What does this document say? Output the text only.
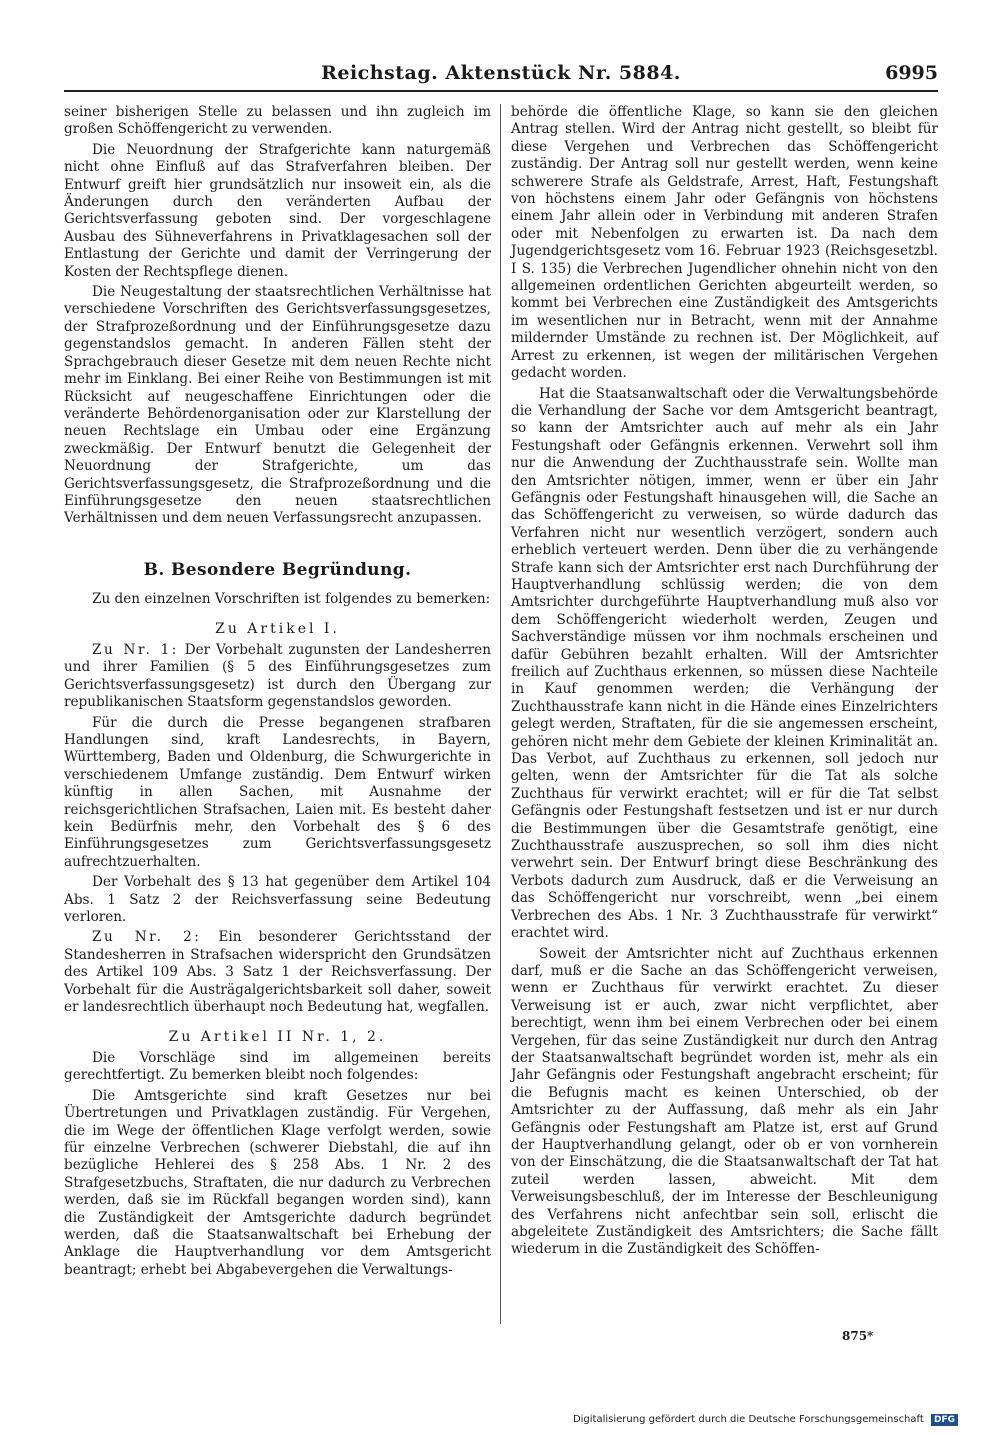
Reichstag. Aktenstück Nr. 5884.	6995

seiner bisherigen Stelle zu belassen und ihn zugleich im großen Schöffengericht zu verwenden.

Die Neuordnung der Strafgerichte kann naturgemäß nicht ohne Einfluß auf das Strafverfahren bleiben. Der Entwurf greift hier grundsätzlich nur insoweit ein, als die Änderungen durch den veränderten Aufbau der Gerichtsverfassung geboten sind. Der vorgeschlagene Ausbau des Sühneverfahrens in Privatklagesachen soll der Entlastung der Gerichte und damit der Verringerung der Kosten der Rechtspflege dienen.

Die Neugestaltung der staatsrechtlichen Verhältnisse hat verschiedene Vorschriften des Gerichtsverfassungsgesetzes, der Strafprozeßordnung und der Einführungsgesetze dazu gegenstandslos gemacht. In anderen Fällen steht der Sprachgebrauch dieser Gesetze mit dem neuen Rechte nicht mehr im Einklang. Bei einer Reihe von Bestimmungen ist mit Rücksicht auf neugeschaffene Einrichtungen oder die veränderte Behördenorganisation oder zur Klarstellung der neuen Rechtslage ein Umbau oder eine Ergänzung zweckmäßig. Der Entwurf benutzt die Gelegenheit der Neuordnung der Strafgerichte, um das Gerichtsverfassungsgesetz, die Strafprozeßordnung und die Einführungsgesetze den neuen staatsrechtlichen Verhältnissen und dem neuen Verfassungsrecht anzupassen.

B. Besondere Begründung.

Zu den einzelnen Vorschriften ist folgendes zu bemerken:

Zu Artikel I.

Zu Nr. 1: Der Vorbehalt zugunsten der Landesherren und ihrer Familien (§ 5 des Einführungsgesetzes zum Gerichtsverfassungsgesetz) ist durch den Übergang zur republikanischen Staatsform gegenstandslos geworden.

Für die durch die Presse begangenen strafbaren Handlungen sind, kraft Landesrechts, in Bayern, Württemberg, Baden und Oldenburg, die Schwurgerichte in verschiedenem Umfange zuständig. Dem Entwurf wirken künftig in allen Sachen, mit Ausnahme der reichsgerichtlichen Strafsachen, Laien mit. Es besteht daher kein Bedürfnis mehr, den Vorbehalt des § 6 des Einführungsgesetzes zum Gerichtsverfassungsgesetz aufrechtzuerhalten.

Der Vorbehalt des § 13 hat gegenüber dem Artikel 104 Abs. 1 Satz 2 der Reichsverfassung seine Bedeutung verloren.

Zu Nr. 2: Ein besonderer Gerichtsstand der Standesherren in Strafsachen widerspricht den Grundsätzen des Artikel 109 Abs. 3 Satz 1 der Reichsverfassung. Der Vorbehalt für die Austrägalgerichtsbarkeit soll daher, soweit er landesrechtlich überhaupt noch Bedeutung hat, wegfallen.

Zu Artikel II Nr. 1, 2.

Die Vorschläge sind im allgemeinen bereits gerechtfertigt. Zu bemerken bleibt noch folgendes:

Die Amtsgerichte sind kraft Gesetzes nur bei Übertretungen und Privatklagen zuständig. Für Vergehen, die im Wege der öffentlichen Klage verfolgt werden, sowie für einzelne Verbrechen (schwerer Diebstahl, die auf ihn bezügliche Hehlerei des § 258 Abs. 1 Nr. 2 des Strafgesetzbuchs, Straftaten, die nur dadurch zu Verbrechen werden, daß sie im Rückfall begangen worden sind), kann die Zuständigkeit der Amtsgerichte dadurch begründet werden, daß die Staatsanwaltschaft bei Erhebung der Anklage die Hauptverhandlung vor dem Amtsgericht beantragt; erhebt bei Abgabevergehen die Verwaltungs-

behörde die öffentliche Klage, so kann sie den gleichen Antrag stellen. Wird der Antrag nicht gestellt, so bleibt für diese Vergehen und Verbrechen das Schöffengericht zuständig. Der Antrag soll nur gestellt werden, wenn keine schwerere Strafe als Geldstrafe, Arrest, Haft, Festungshaft von höchstens einem Jahr oder Gefängnis von höchstens einem Jahr allein oder in Verbindung mit anderen Strafen oder mit Nebenfolgen zu erwarten ist. Da nach dem Jugendgerichtsgesetz vom 16. Februar 1923 (Reichsgesetzbl. I S. 135) die Verbrechen Jugendlicher ohnehin nicht von den allgemeinen ordentlichen Gerichten abgeurteilt werden, so kommt bei Verbrechen eine Zuständigkeit des Amtsgerichts im wesentlichen nur in Betracht, wenn mit der Annahme mildernder Umstände zu rechnen ist. Der Möglichkeit, auf Arrest zu erkennen, ist wegen der militärischen Vergehen gedacht worden.

Hat die Staatsanwaltschaft oder die Verwaltungsbehörde die Verhandlung der Sache vor dem Amtsgericht beantragt, so kann der Amtsrichter auch auf mehr als ein Jahr Festungshaft oder Gefängnis erkennen. Verwehrt soll ihm nur die Anwendung der Zuchthausstrafe sein. Wollte man den Amtsrichter nötigen, immer, wenn er über ein Jahr Gefängnis oder Festungshaft hinausgehen will, die Sache an das Schöffengericht zu verweisen, so würde dadurch das Verfahren nicht nur wesentlich verzögert, sondern auch erheblich verteuert werden. Denn über die zu verhängende Strafe kann sich der Amtsrichter erst nach Durchführung der Hauptverhandlung schlüssig werden; die von dem Amtsrichter durchgeführte Hauptverhandlung muß also vor dem Schöffengericht wiederholt werden, Zeugen und Sachverständige müssen vor ihm nochmals erscheinen und dafür Gebühren bezahlt erhalten. Will der Amtsrichter freilich auf Zuchthaus erkennen, so müssen diese Nachteile in Kauf genommen werden; die Verhängung der Zuchthausstrafe kann nicht in die Hände eines Einzelrichters gelegt werden, Straftaten, für die sie angemessen erscheint, gehören nicht mehr dem Gebiete der kleinen Kriminalität an. Das Verbot, auf Zuchthaus zu erkennen, soll jedoch nur gelten, wenn der Amtsrichter für die Tat als solche Zuchthaus für verwirkt erachtet; will er für die Tat selbst Gefängnis oder Festungshaft festsetzen und ist er nur durch die Bestimmungen über die Gesamtstrafe genötigt, eine Zuchthausstrafe auszusprechen, so soll ihm dies nicht verwehrt sein. Der Entwurf bringt diese Beschränkung des Verbots dadurch zum Ausdruck, daß er die Verweisung an das Schöffengericht nur vorschreibt, wenn „bei einem Verbrechen des Abs. 1 Nr. 3 Zuchthausstrafe für verwirkt“ erachtet wird.

Soweit der Amtsrichter nicht auf Zuchthaus erkennen darf, muß er die Sache an das Schöffengericht verweisen, wenn er Zuchthaus für verwirkt erachtet. Zu dieser Verweisung ist er auch, zwar nicht verpflichtet, aber berechtigt, wenn ihm bei einem Verbrechen oder bei einem Vergehen, für das seine Zuständigkeit nur durch den Antrag der Staatsanwaltschaft begründet worden ist, mehr als ein Jahr Gefängnis oder Festungshaft angebracht erscheint; für die Befugnis macht es keinen Unterschied, ob der Amtsrichter zu der Auffassung, daß mehr als ein Jahr Gefängnis oder Festungshaft am Platze ist, erst auf Grund der Hauptverhandlung gelangt, oder ob er von vornherein von der Einschätzung, die die Staatsanwaltschaft der Tat hat zuteil werden lassen, abweicht. Mit dem Verweisungsbeschluß, der im Interesse der Beschleunigung des Verfahrens nicht anfechtbar sein soll, erlischt die abgeleitete Zuständigkeit des Amtsrichters; die Sache fällt wiederum in die Zuständigkeit des Schöffen-

875*
Digitalisierung gefördert durch die Deutsche Forschungsgemeinschaft DFG
